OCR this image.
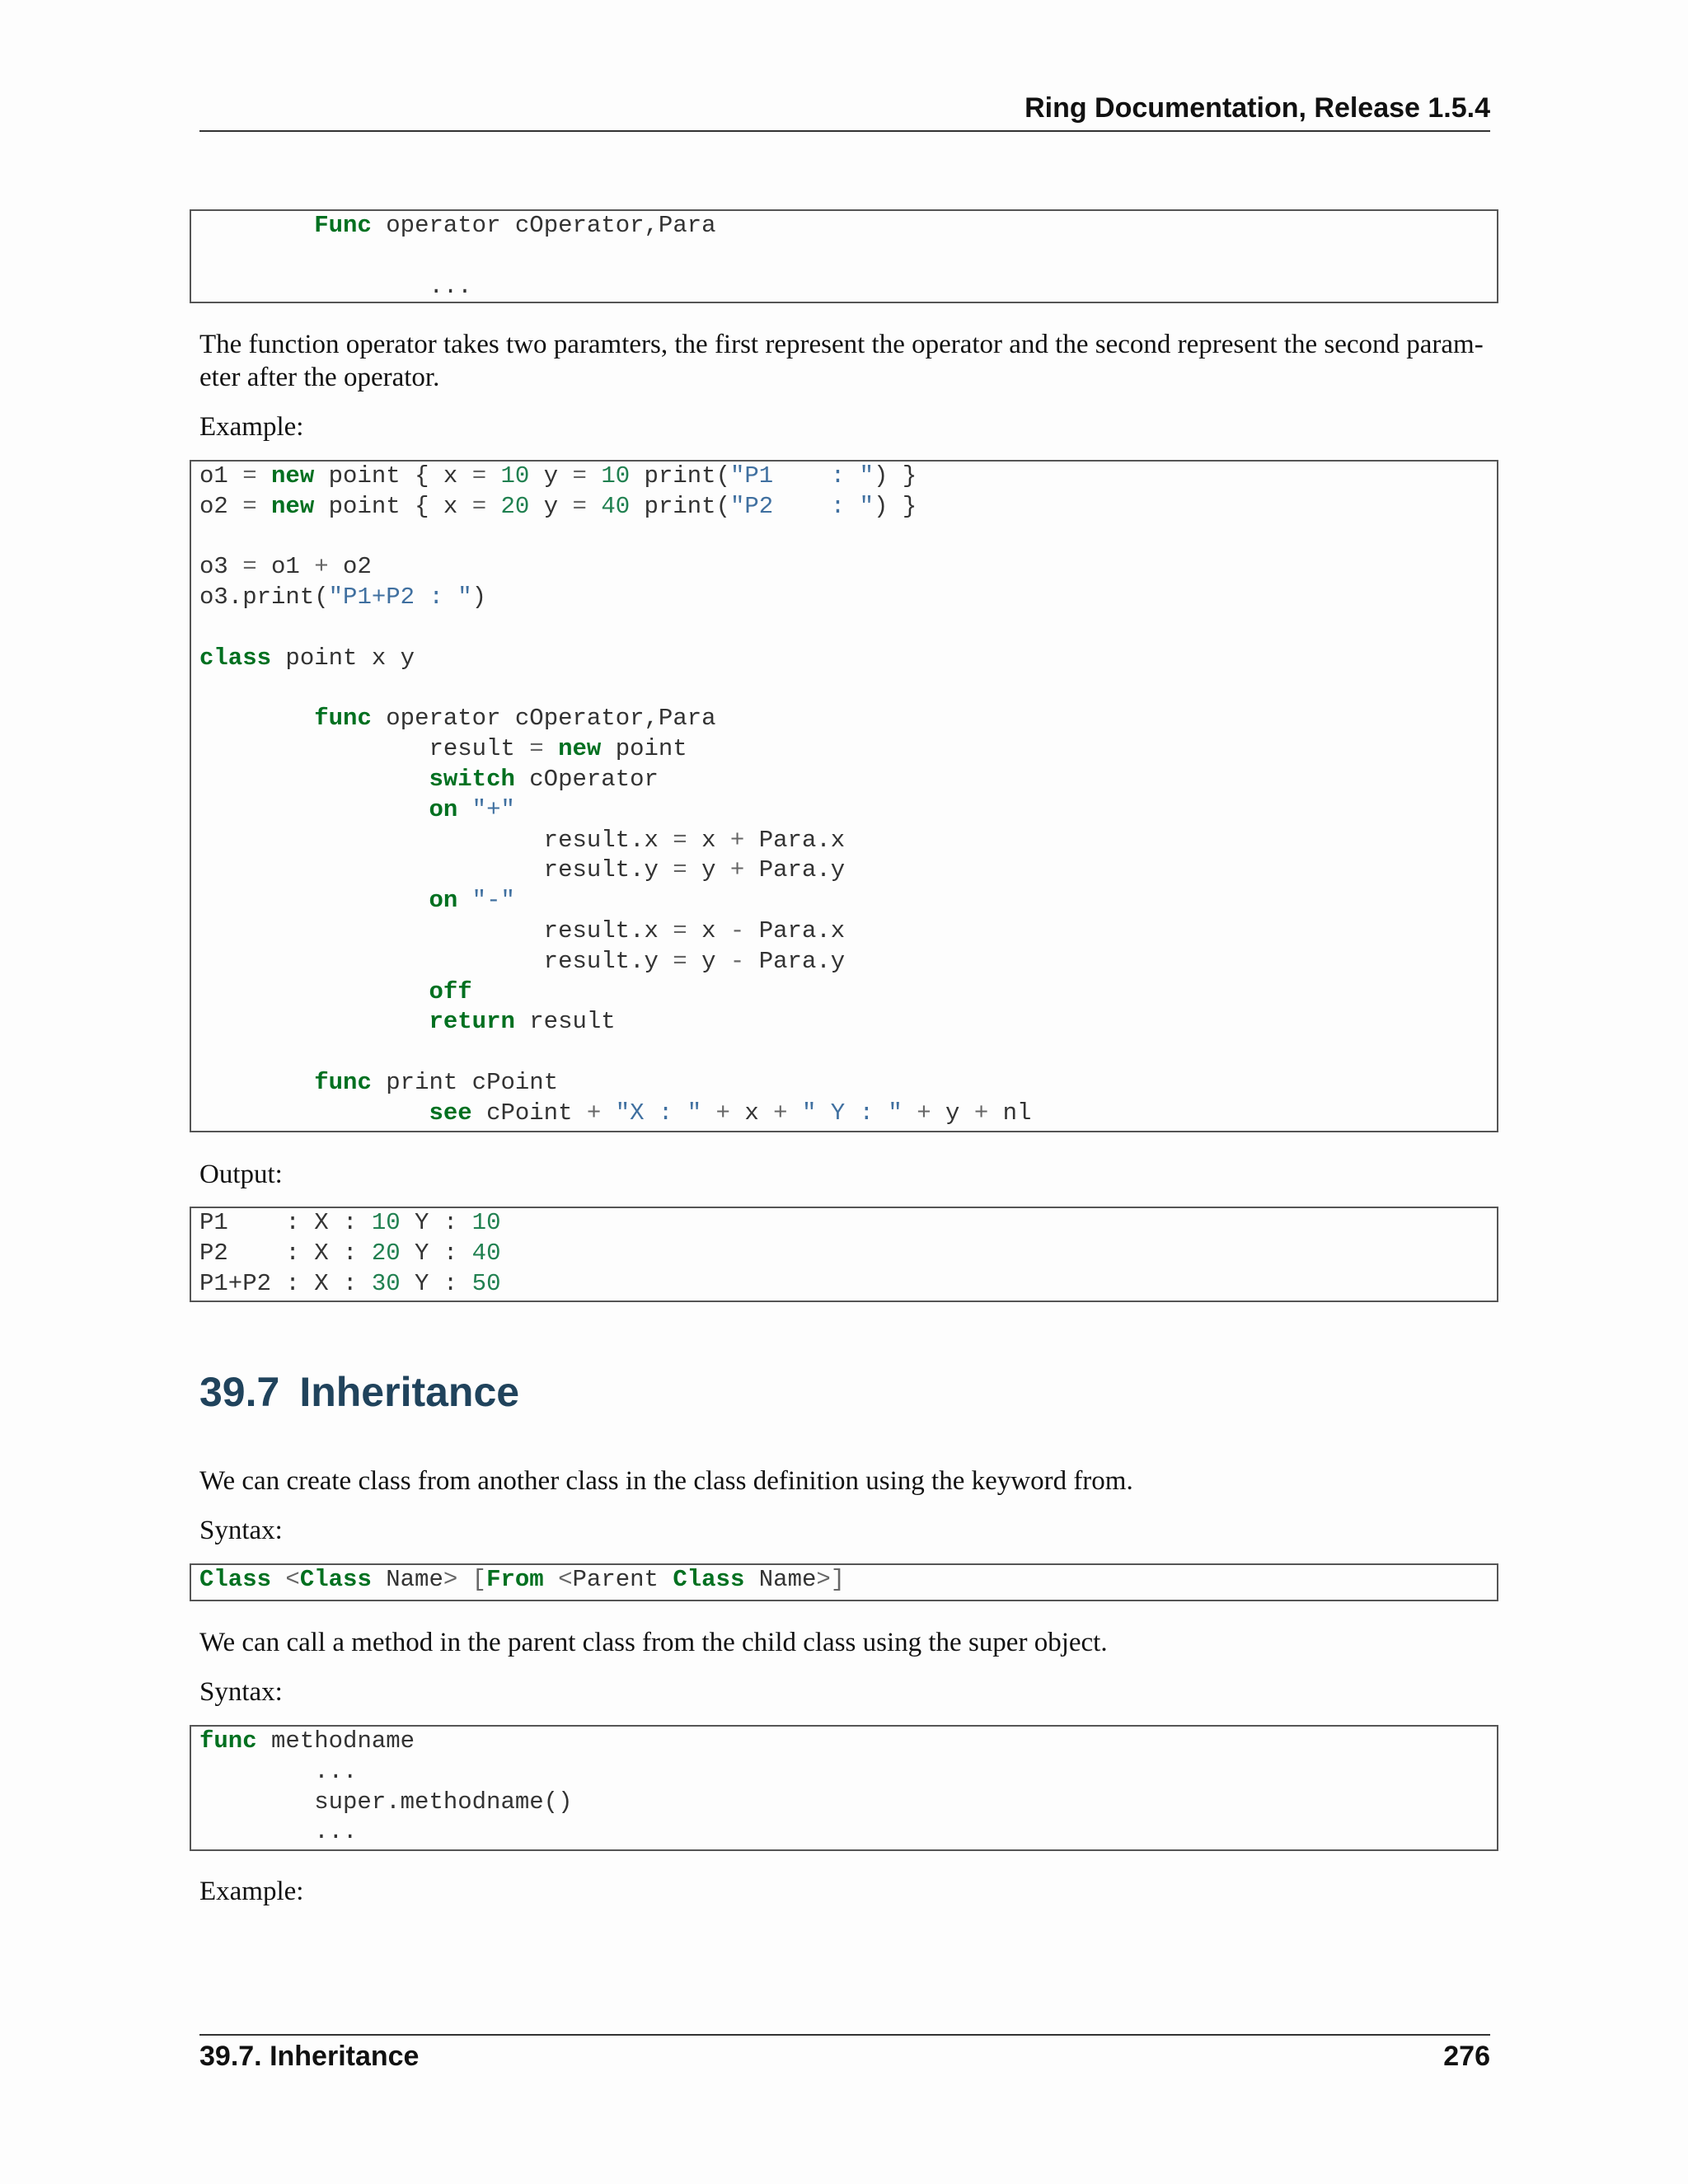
Ring Documentation, Release 1.5.4
Func operator cOperator,Para

...

The function operator takes two paramters, the first represent the operator and the second represent the second param-eter after the operator.

Example:

o1 = new point { x = 10 y = 10 print("P1    : ") }
o2 = new point { x = 20 y = 40 print("P2    : ") }

o3 = o1 + o2
o3.print("P1+P2 : ")

class point x y

func operator cOperator,Para
result = new point
switch cOperator
on "+"
result.x = x + Para.x
result.y = y + Para.y
on "-"
result.x = x - Para.x
result.y = y - Para.y
off
return result

func print cPoint
see cPoint + "X : " + x + " Y : " + y + nl

Output:

P1    : X : 10 Y : 10
P2    : X : 20 Y : 40
P1+P2 : X : 30 Y : 50
39.7 Inheritance

We can create class from another class in the class definition using the keyword from.

Syntax:

Class <Class Name> [From <Parent Class Name>]

We can call a method in the parent class from the child class using the super object.

Syntax:

func methodname
...
super.methodname()
...

Example:

39.7. Inheritance	276
